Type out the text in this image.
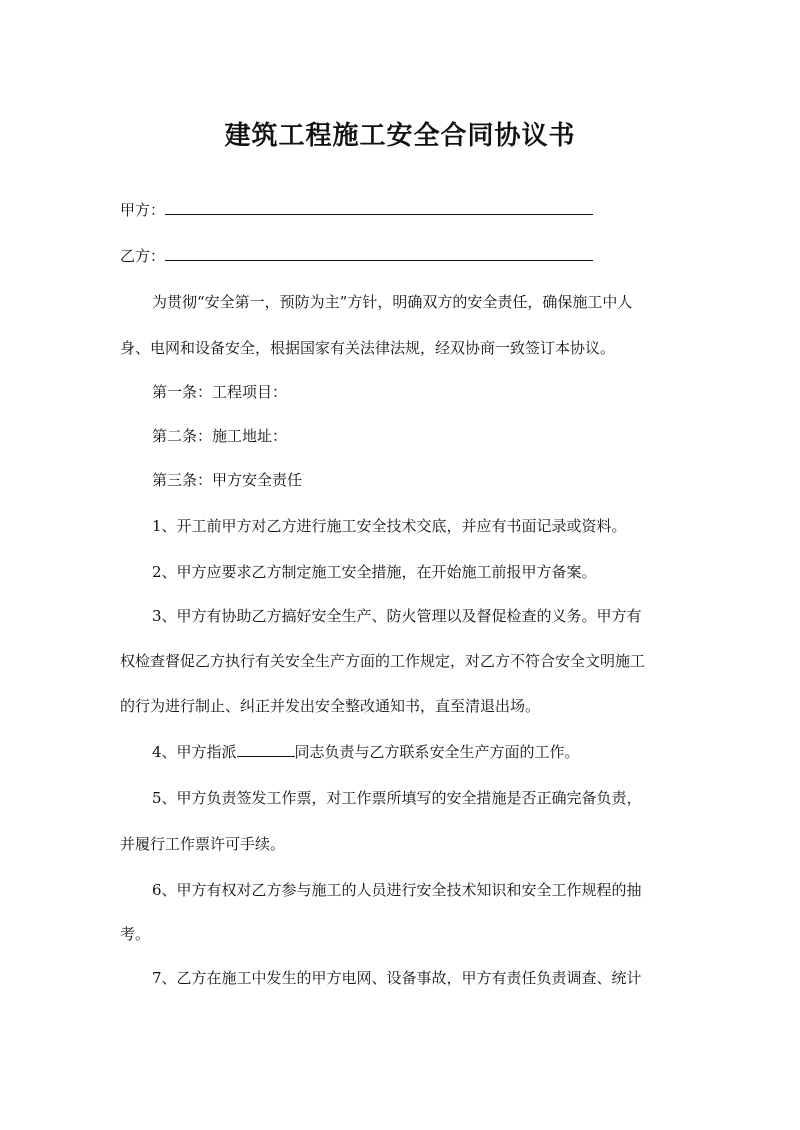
建筑工程施工安全合同协议书
甲方：
乙方：
为贯彻“安全第一，预防为主”方针，明确双方的安全责任，确保施工中人
身、电网和设备安全，根据国家有关法律法规，经双协商一致签订本协议。
第一条：工程项目：
第二条：施工地址：
第三条：甲方安全责任
1、开工前甲方对乙方进行施工安全技术交底，并应有书面记录或资料。
2、甲方应要求乙方制定施工安全措施，在开始施工前报甲方备案。
3、甲方有协助乙方搞好安全生产、防火管理以及督促检查的义务。甲方有
权检查督促乙方执行有关安全生产方面的工作规定，对乙方不符合安全文明施工
的行为进行制止、纠正并发出安全整改通知书，直至清退出场。
4、甲方指派	同志负责与乙方联系安全生产方面的工作。
5、甲方负责签发工作票，对工作票所填写的安全措施是否正确完备负责，
并履行工作票许可手续。
6、甲方有权对乙方参与施工的人员进行安全技术知识和安全工作规程的抽
考。
7、乙方在施工中发生的甲方电网、设备事故，甲方有责任负责调查、统计
